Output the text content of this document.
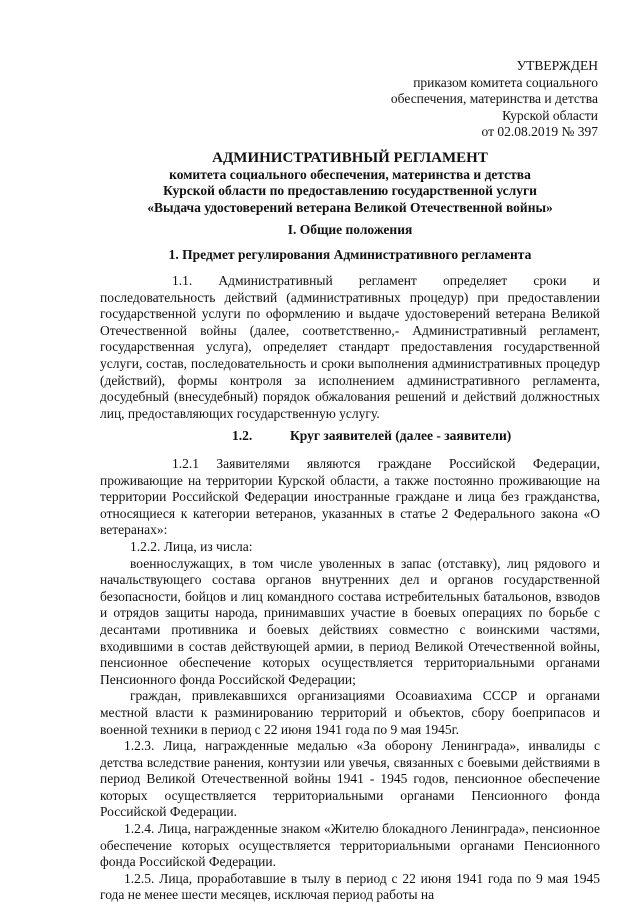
УТВЕРЖДЕН
приказом комитета социального
обеспечения, материнства и детства
Курской области
от 02.08.2019 № 397
АДМИНИСТРАТИВНЫЙ РЕГЛАМЕНТ
комитета социального обеспечения, материнства и детства
Курской области по предоставлению государственной услуги
«Выдача удостоверений ветерана Великой Отечественной войны»
I. Общие положения
1. Предмет регулирования Административного регламента

1.1. Административный регламент определяет сроки и последовательность действий (административных процедур) при предоставлении государственной услуги по оформлению и выдаче удостоверений ветерана Великой Отечественной войны (далее, соответственно,- Административный регламент, государственная услуга), определяет стандарт предоставления государственной услуги, состав, последовательность и сроки выполнения административных процедур (действий), формы контроля за исполнением административного регламента, досудебный (внесудебный) порядок обжалования решений и действий должностных лиц, предоставляющих государственную услугу.

1.2.	Круг заявителей (далее - заявители)

1.2.1 Заявителями являются граждане Российской Федерации, проживающие на территории Курской области, а также постоянно проживающие на территории Российской Федерации иностранные граждане и лица без гражданства, относящиеся к категории ветеранов, указанных в статье 2 Федерального закона «О ветеранах»:

1.2.2. Лица, из числа:

военнослужащих, в том числе уволенных в запас (отставку), лиц рядового и начальствующего состава органов внутренних дел и органов государственной безопасности, бойцов и лиц командного состава истребительных батальонов, взводов и отрядов защиты народа, принимавших участие в боевых операциях по борьбе с десантами противника и боевых действиях совместно с воинскими частями, входившими в состав действующей армии, в период Великой Отечественной войны, пенсионное обеспечение которых осуществляется территориальными органами Пенсионного фонда Российской Федерации;

граждан, привлекавшихся организациями Осоавиахима СССР и органами местной власти к разминированию территорий и объектов, сбору боеприпасов и военной техники в период с 22 июня 1941 года по 9 мая 1945г.

1.2.3. Лица, награжденные медалью «За оборону Ленинграда», инвалиды с детства вследствие ранения, контузии или увечья, связанных с боевыми действиями в период Великой Отечественной войны 1941 - 1945 годов, пенсионное обеспечение которых осуществляется территориальными органами Пенсионного фонда Российской Федерации.

1.2.4. Лица, награжденные знаком «Жителю блокадного Ленинграда», пенсионное обеспечение которых осуществляется территориальными органами Пенсионного фонда Российской Федерации.

1.2.5. Лица, проработавшие в тылу в период с 22 июня 1941 года по 9 мая 1945 года не менее шести месяцев, исключая период работы на
